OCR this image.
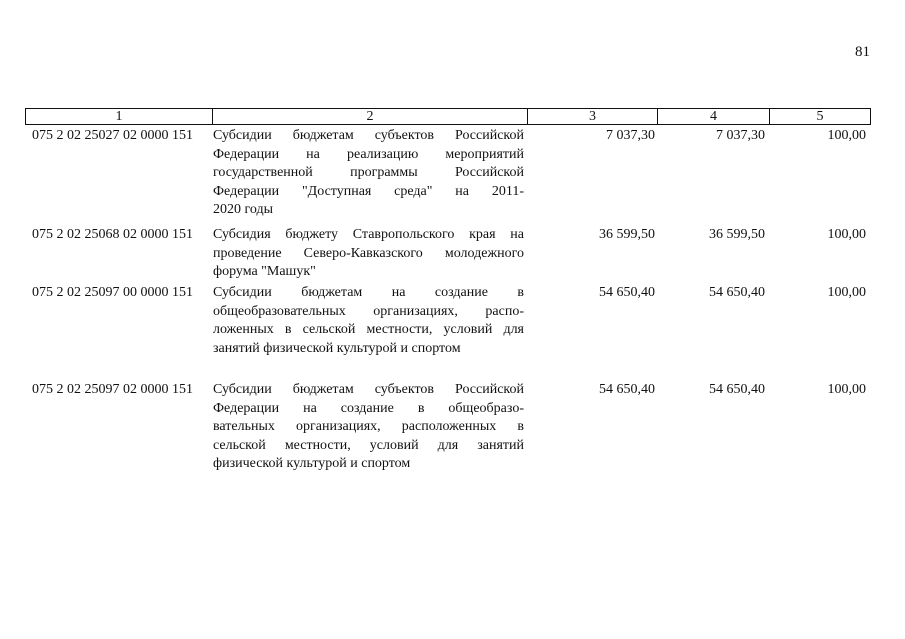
81
1	2	3	4	5
075 2 02 25027 02 0000 151	Субсидии бюджетам субъектов Российской
Федерации на реализацию мероприятий
государственной программы Российской
Федерации "Доступная среда" на 2011-
2020 годы
7 037,30	7 037,30	100,00
075 2 02 25068 02 0000 151	Субсидия бюджету Ставропольского края на
проведение Северо-Кавказского молодежного
форума "Машук"
36 599,50	36 599,50	100,00
075 2 02 25097 00 0000 151	Субсидии бюджетам на создание в
общеобразовательных организациях, распо-
ложенных в сельской местности, условий для
занятий физической культурой и спортом
54 650,40	54 650,40	100,00
075 2 02 25097 02 0000 151	Субсидии бюджетам субъектов Российской
Федерации на создание в общеобразо-
вательных организациях, расположенных в
сельской местности, условий для занятий
физической культурой и спортом
54 650,40	54 650,40	100,00
